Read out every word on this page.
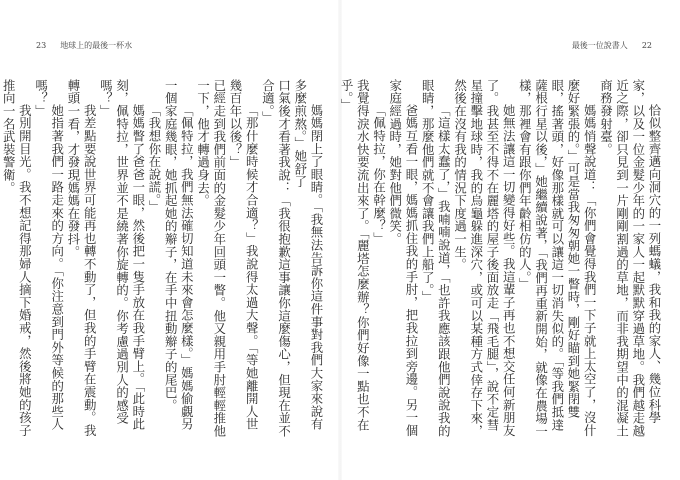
23 地球上的最後一杯水

媽媽閉上了眼睛。「我無法告訴你這件事對我們大家來說有多麼煎熬。」她舒了

口氣後才看著我說：「我很抱歉這事讓你這麼傷心，但現在並不合適。」

「那什麼時候才合適？」我說得太過大聲。「等她離開人世幾百年以後？」

已經走到我們前面的金髮少年回頭一瞥。他又親用手肘輕輕推他一下，他才轉過身去。

「佩特拉，我們無法確切知道未來會怎麼樣。」媽媽偷覷另一個家庭幾眼，她抓起她的辮子，在手中扭動辮子的尾巴。

「我想你在說謊。」

媽媽瞥了爸爸一眼，然後把一隻手放在我手臂上。「此時此刻，佩特拉，世界並不是繞著你旋轉的。你考慮過別人的感受嗎？」

我差點要說世界可能再也轉不動了，但我的手臂在震動。我轉頭一看，才發現媽媽在發抖。

她指著我們一路走來的方向。「你注意到門外等候的那些人嗎？」

我別開目光。我不想記得那婦人摘下婚戒，然後將她的孩子推向一名武裝警衛。

最後一位說書人 22

恰似整齊邁向洞穴的一列螞蟻，我和我的家人、幾位科學家，以及一位金髮少年的一家人一起默默穿過草地。我們越走越近之際，卻只見到一片剛剛割過的草地，而非我期望中的混凝土商務發射臺。

媽媽悄聲說道：「你們會覺得我們一下子就上太空了，沒什麼好緊張的。」可是當我匆匆朝她一瞥時，剛好瞄到她緊閉雙眼，搖著頭，好像那樣就可以讓這一切消失似的。「等我們抵達薩根行星以後，」她繼續說著，「我們再重新開始，就像在農場一樣，那裡會有跟你們年齡相仿的人。」

她無法讓這一切變得好些。我這輩子再也不想交任何新朋友了。我甚至不得不在麗塔的屋子後面放走「飛毛腿」，說不定彗星撞擊地球時，我的烏龜躲進深穴，或可以某種方式倖存下來，然後在沒有我的情況下度過一生。

「這樣太蠢了，」我喃喃說道，「也許我應該跟他們說說我的眼睛，那麼他們就不會讓我們上船了。」

爸媽互看一眼，媽媽抓住我的手肘，把我拉到旁邊。另一個家庭經過時，她對他們微笑。

「佩特拉，你在幹麼？」

我覺得淚水快要流出來了。「麗塔怎麼辦？你們好像一點也不在乎。」
